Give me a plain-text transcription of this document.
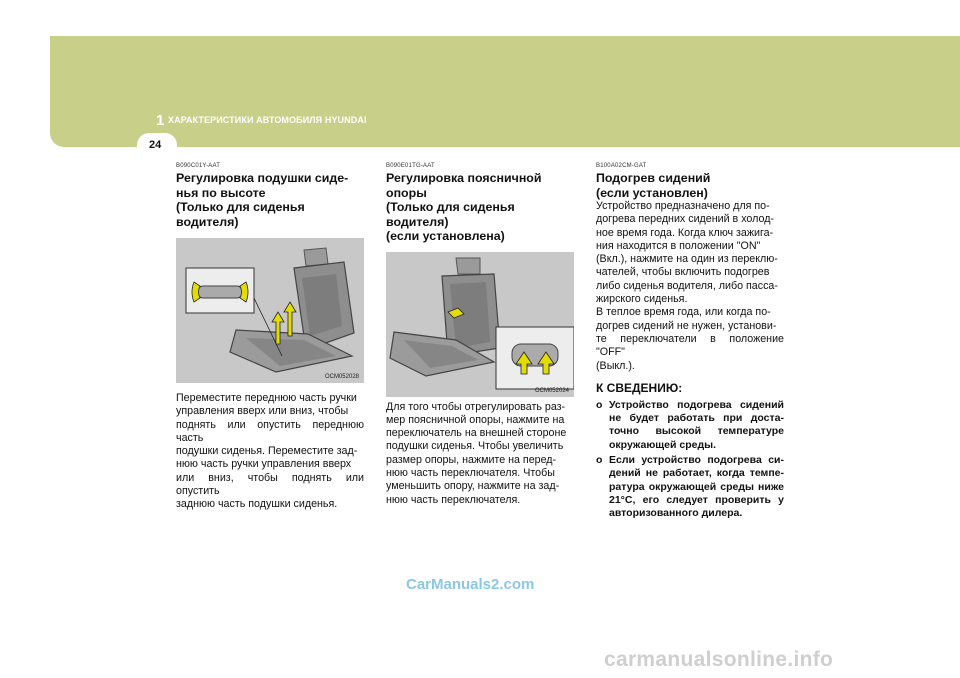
1 ХАРАКТЕРИСТИКИ АВТОМОБИЛЯ HYUNDAI
24
B090C01Y-AAT
Регулировка подушки сиде-
нья по высоте
(Только для сиденья водителя)
OCM052028
Переместите переднюю часть ручки
управления вверх или вниз, чтобы
поднять или опустить переднюю часть
подушки сиденья. Переместите зад-
нюю часть ручки управления вверх
или вниз, чтобы поднять или опустить
заднюю часть подушки сиденья.
B090E01TG-AAT
Регулировка поясничной опоры
(Только для сиденья водителя)
(если установлена)
OCM052024
Для того чтобы отрегулировать раз-
мер поясничной опоры, нажмите на
переключатель на внешней стороне
подушки сиденья. Чтобы увеличить
размер опоры, нажмите на перед-
нюю часть переключателя. Чтобы
уменьшить опору, нажмите на зад-
нюю часть переключателя.
B100A02CM-GAT
Подогрев сидений
(если установлен)
Устройство предназначено для по-
догрева передних сидений в холод-
ное время года. Когда ключ зажига-
ния находится в положении "ON"
(Вкл.), нажмите на один из переклю-
чателей, чтобы включить подогрев
либо сиденья водителя, либо пасса-
жирского сиденья.
В теплое время года, или когда по-
догрев сидений не нужен, установи-
те переключатели в положение "OFF"
(Выкл.).
К СВЕДЕНИЮ:
o Устройство подогрева сидений не будет работать при доста-точно высокой температуре окружающей среды.
o Если устройство подогрева си-дений не работает, когда темпе-ратура окружающей среды ниже 21°C, его следует проверить у авторизованного дилера.
CarManuals2.com
carmanualsonline.info
